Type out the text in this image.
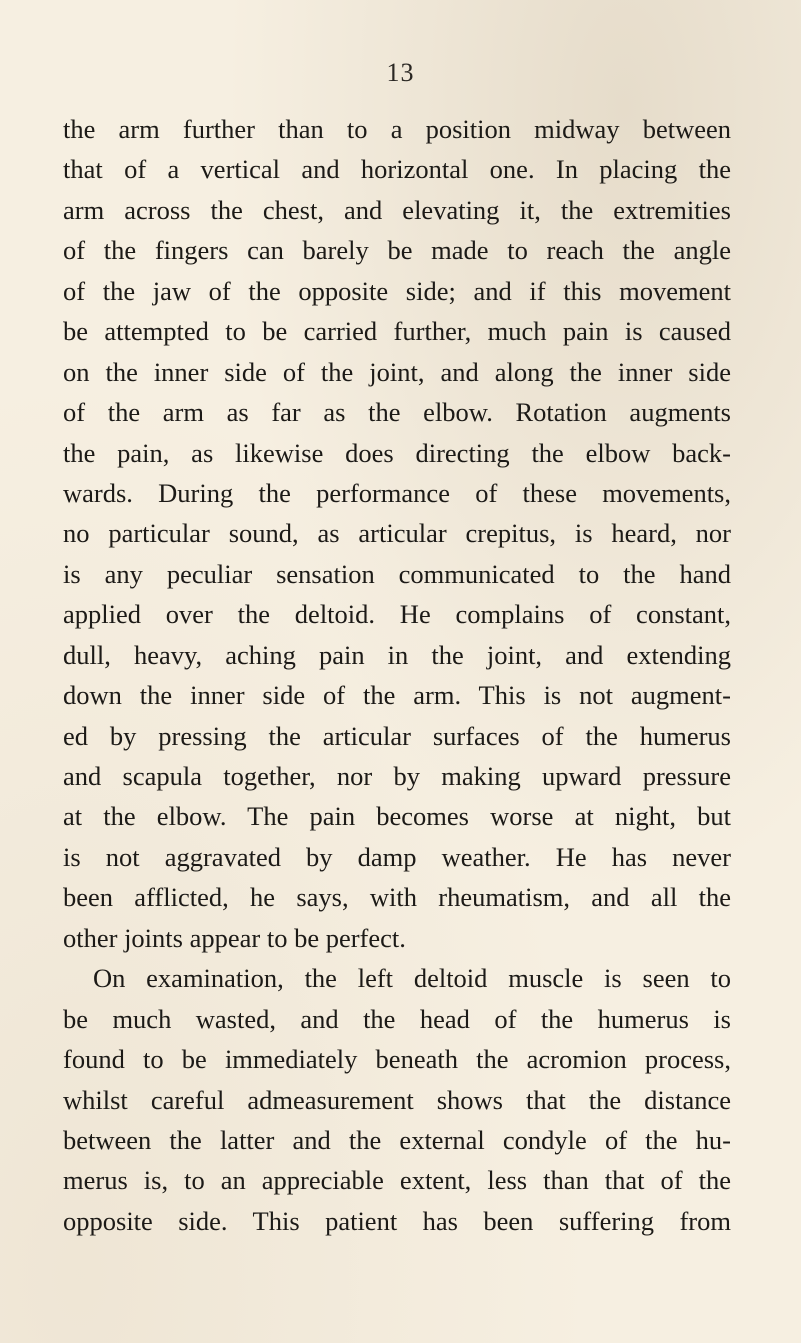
13
the arm further than to a position midway between
that of a vertical and horizontal one. In placing the
arm across the chest, and elevating it, the extremities
of the fingers can barely be made to reach the angle
of the jaw of the opposite side; and if this movement
be attempted to be carried further, much pain is caused
on the inner side of the joint, and along the inner side
of the arm as far as the elbow. Rotation augments
the pain, as likewise does directing the elbow back-
wards. During the performance of these movements,
no particular sound, as articular crepitus, is heard, nor
is any peculiar sensation communicated to the hand
applied over the deltoid. He complains of constant,
dull, heavy, aching pain in the joint, and extending
down the inner side of the arm. This is not augment-
ed by pressing the articular surfaces of the humerus
and scapula together, nor by making upward pressure
at the elbow. The pain becomes worse at night, but
is not aggravated by damp weather. He has never
been afflicted, he says, with rheumatism, and all the
other joints appear to be perfect.
On examination, the left deltoid muscle is seen to
be much wasted, and the head of the humerus is
found to be immediately beneath the acromion process,
whilst careful admeasurement shows that the distance
between the latter and the external condyle of the hu-
merus is, to an appreciable extent, less than that of the
opposite side. This patient has been suffering from
